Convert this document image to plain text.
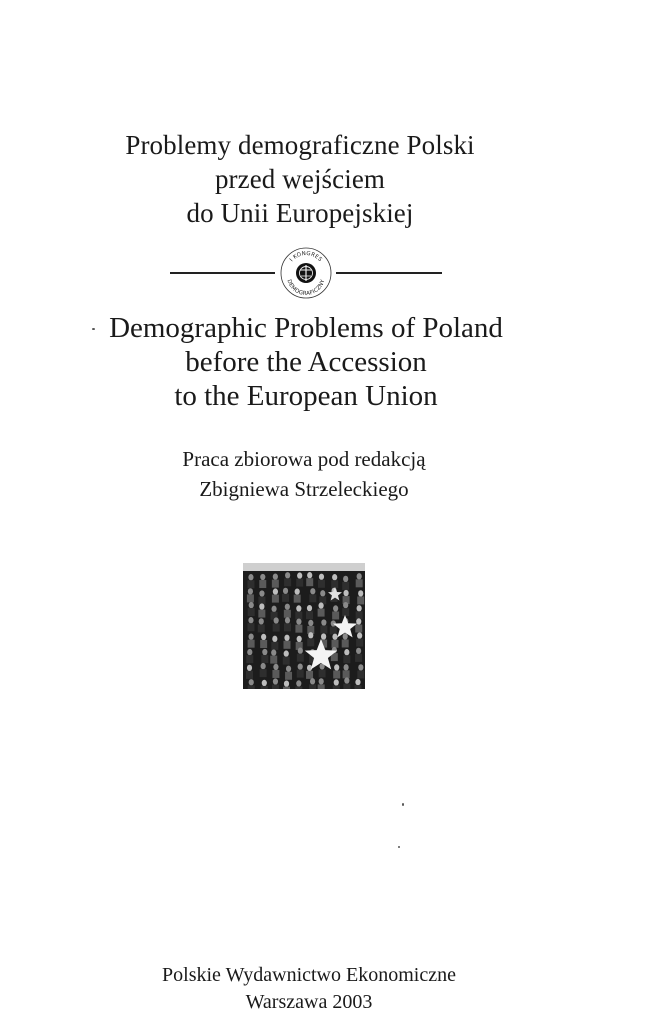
Problemy demograficzne Polski
przed wejściem
do Unii Europejskiej
I KONGRES
DEMOGRAFICZNY
Demographic Problems of Poland
before the Accession
to the European Union
Praca zbiorowa pod redakcją
Zbigniewa Strzeleckiego
Polskie Wydawnictwo Ekonomiczne
Warszawa 2003
